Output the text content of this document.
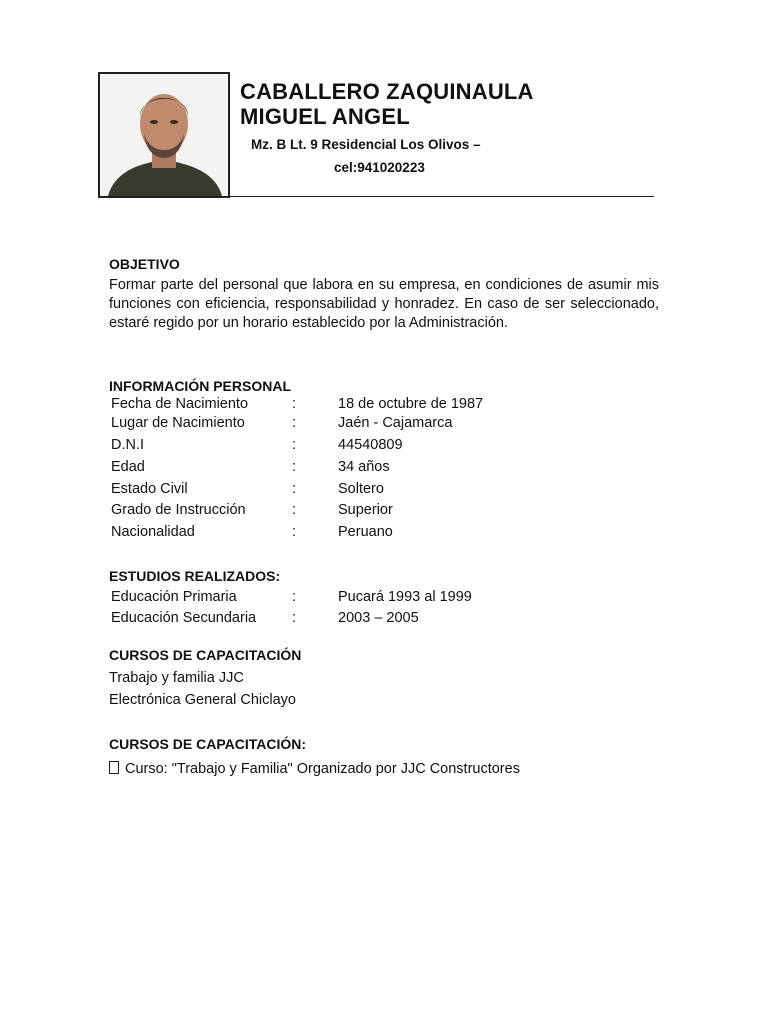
CABALLERO ZAQUINAULA
MIGUEL ANGEL
Mz. B Lt. 9 Residencial Los Olivos –
cel:941020223
OBJETIVO
Formar parte del personal que labora en su empresa, en condiciones de asumir mis funciones con eficiencia, responsabilidad y honradez. En caso de ser seleccionado, estaré regido por un horario establecido por la Administración.
INFORMACIÓN PERSONAL
Fecha de Nacimiento	:	18 de octubre de 1987
Lugar de Nacimiento	:	Jaén - Cajamarca
D.N.I	:	44540809
Edad	:	34 años
Estado Civil	:	Soltero
Grado de Instrucción	:	Superior
Nacionalidad	:	Peruano
ESTUDIOS REALIZADOS:
Educación Primaria	:	Pucará 1993 al 1999
Educación Secundaria :	2003 – 2005
CURSOS DE CAPACITACIÓN
Trabajo y familia JJC
Electrónica General Chiclayo
CURSOS DE CAPACITACIÓN:
Curso: "Trabajo y Familia" Organizado por JJC Constructores
